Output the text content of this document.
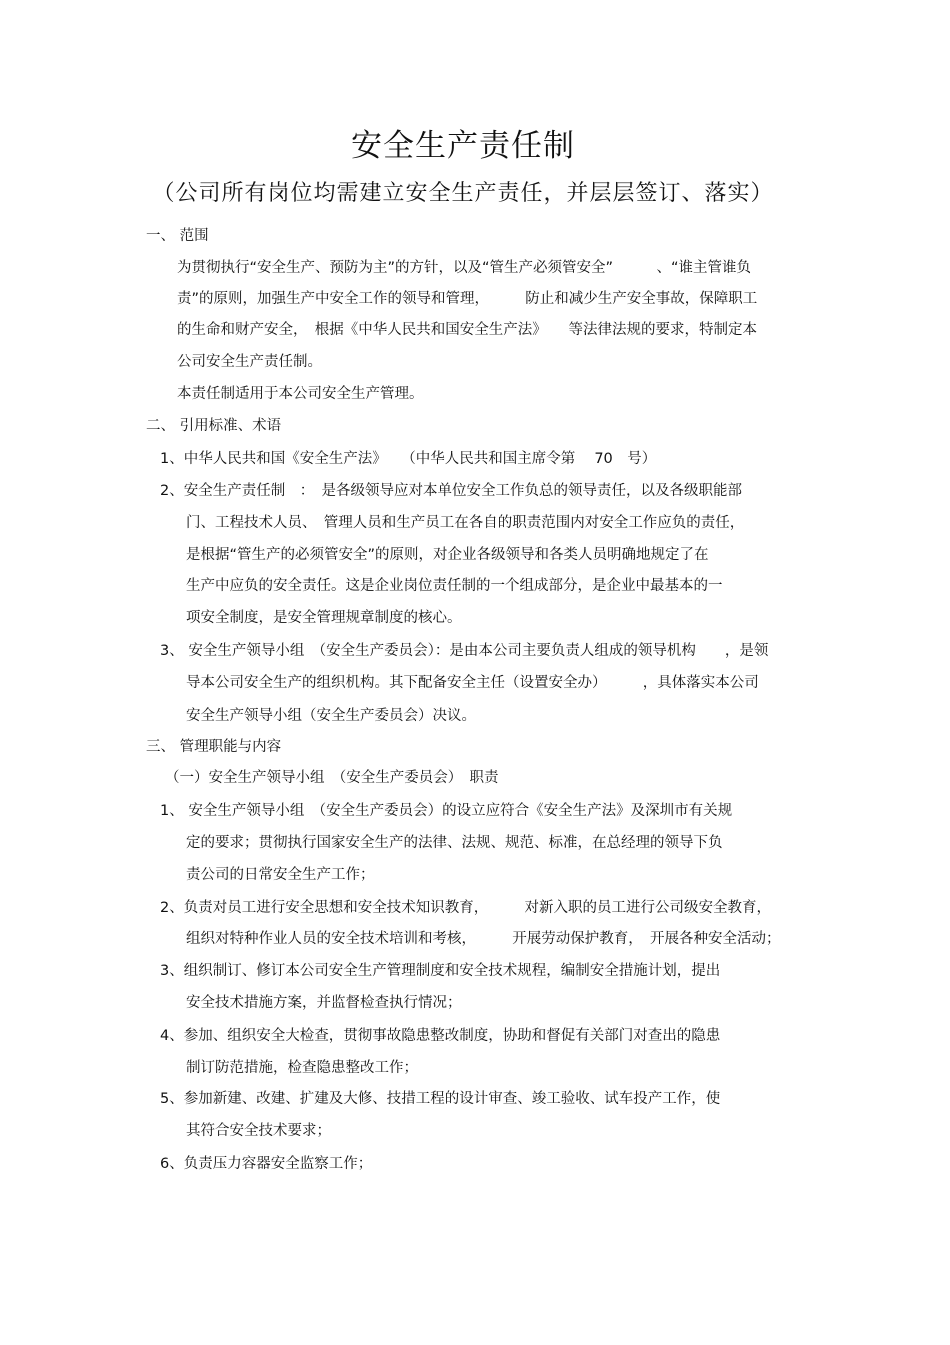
安全生产责任制
（公司所有岗位均需建立安全生产责任，并层层签订、落实）
一、 范围
为贯彻执行“安全生产、预防为主”的方针，以及“管生产必须管安全”　　　、“谁主管谁负
责”的原则，加强生产中安全工作的领导和管理，　　　防止和减少生产安全事故，保障职工
的生命和财产安全，　根据《中华人民共和国安全生产法》　　等法律法规的要求，特制定本
公司安全生产责任制。
本责任制适用于本公司安全生产管理。
二、 引用标准、术语
1、中华人民共和国《安全生产法》　　（中华人民共和国主席令第　 70　号）
2、安全生产责任制　：　是各级领导应对本单位安全工作负总的领导责任，以及各级职能部
门、工程技术人员、　管理人员和生产员工在各自的职责范围内对安全工作应负的责任，
是根据“管生产的必须管安全”的原则，对企业各级领导和各类人员明确地规定了在
生产中应负的安全责任。这是企业岗位责任制的一个组成部分，是企业中最基本的一
项安全制度，是安全管理规章制度的核心。
3、 安全生产领导小组　（安全生产委员会）：是由本公司主要负责人组成的领导机构　　，是领
导本公司安全生产的组织机构。其下配备安全主任（设置安全办）　　　，具体落实本公司
安全生产领导小组（安全生产委员会）决议。
三、 管理职能与内容
（一）安全生产领导小组　（安全生产委员会）　职责
1、 安全生产领导小组　（安全生产委员会）的设立应符合《安全生产法》及深圳市有关规
定的要求；贯彻执行国家安全生产的法律、法规、规范、标准，在总经理的领导下负
责公司的日常安全生产工作；
2、负责对员工进行安全思想和安全技术知识教育，　　　对新入职的员工进行公司级安全教育，
组织对特种作业人员的安全技术培训和考核，　　　开展劳动保护教育，　开展各种安全活动；
3、组织制订、修订本公司安全生产管理制度和安全技术规程，编制安全措施计划，提出
安全技术措施方案，并监督检查执行情况；
4、参加、组织安全大检查，贯彻事故隐患整改制度，协助和督促有关部门对查出的隐患
制订防范措施，检查隐患整改工作；
5、参加新建、改建、扩建及大修、技措工程的设计审查、竣工验收、试车投产工作，使
其符合安全技术要求；
6、负责压力容器安全监察工作；
